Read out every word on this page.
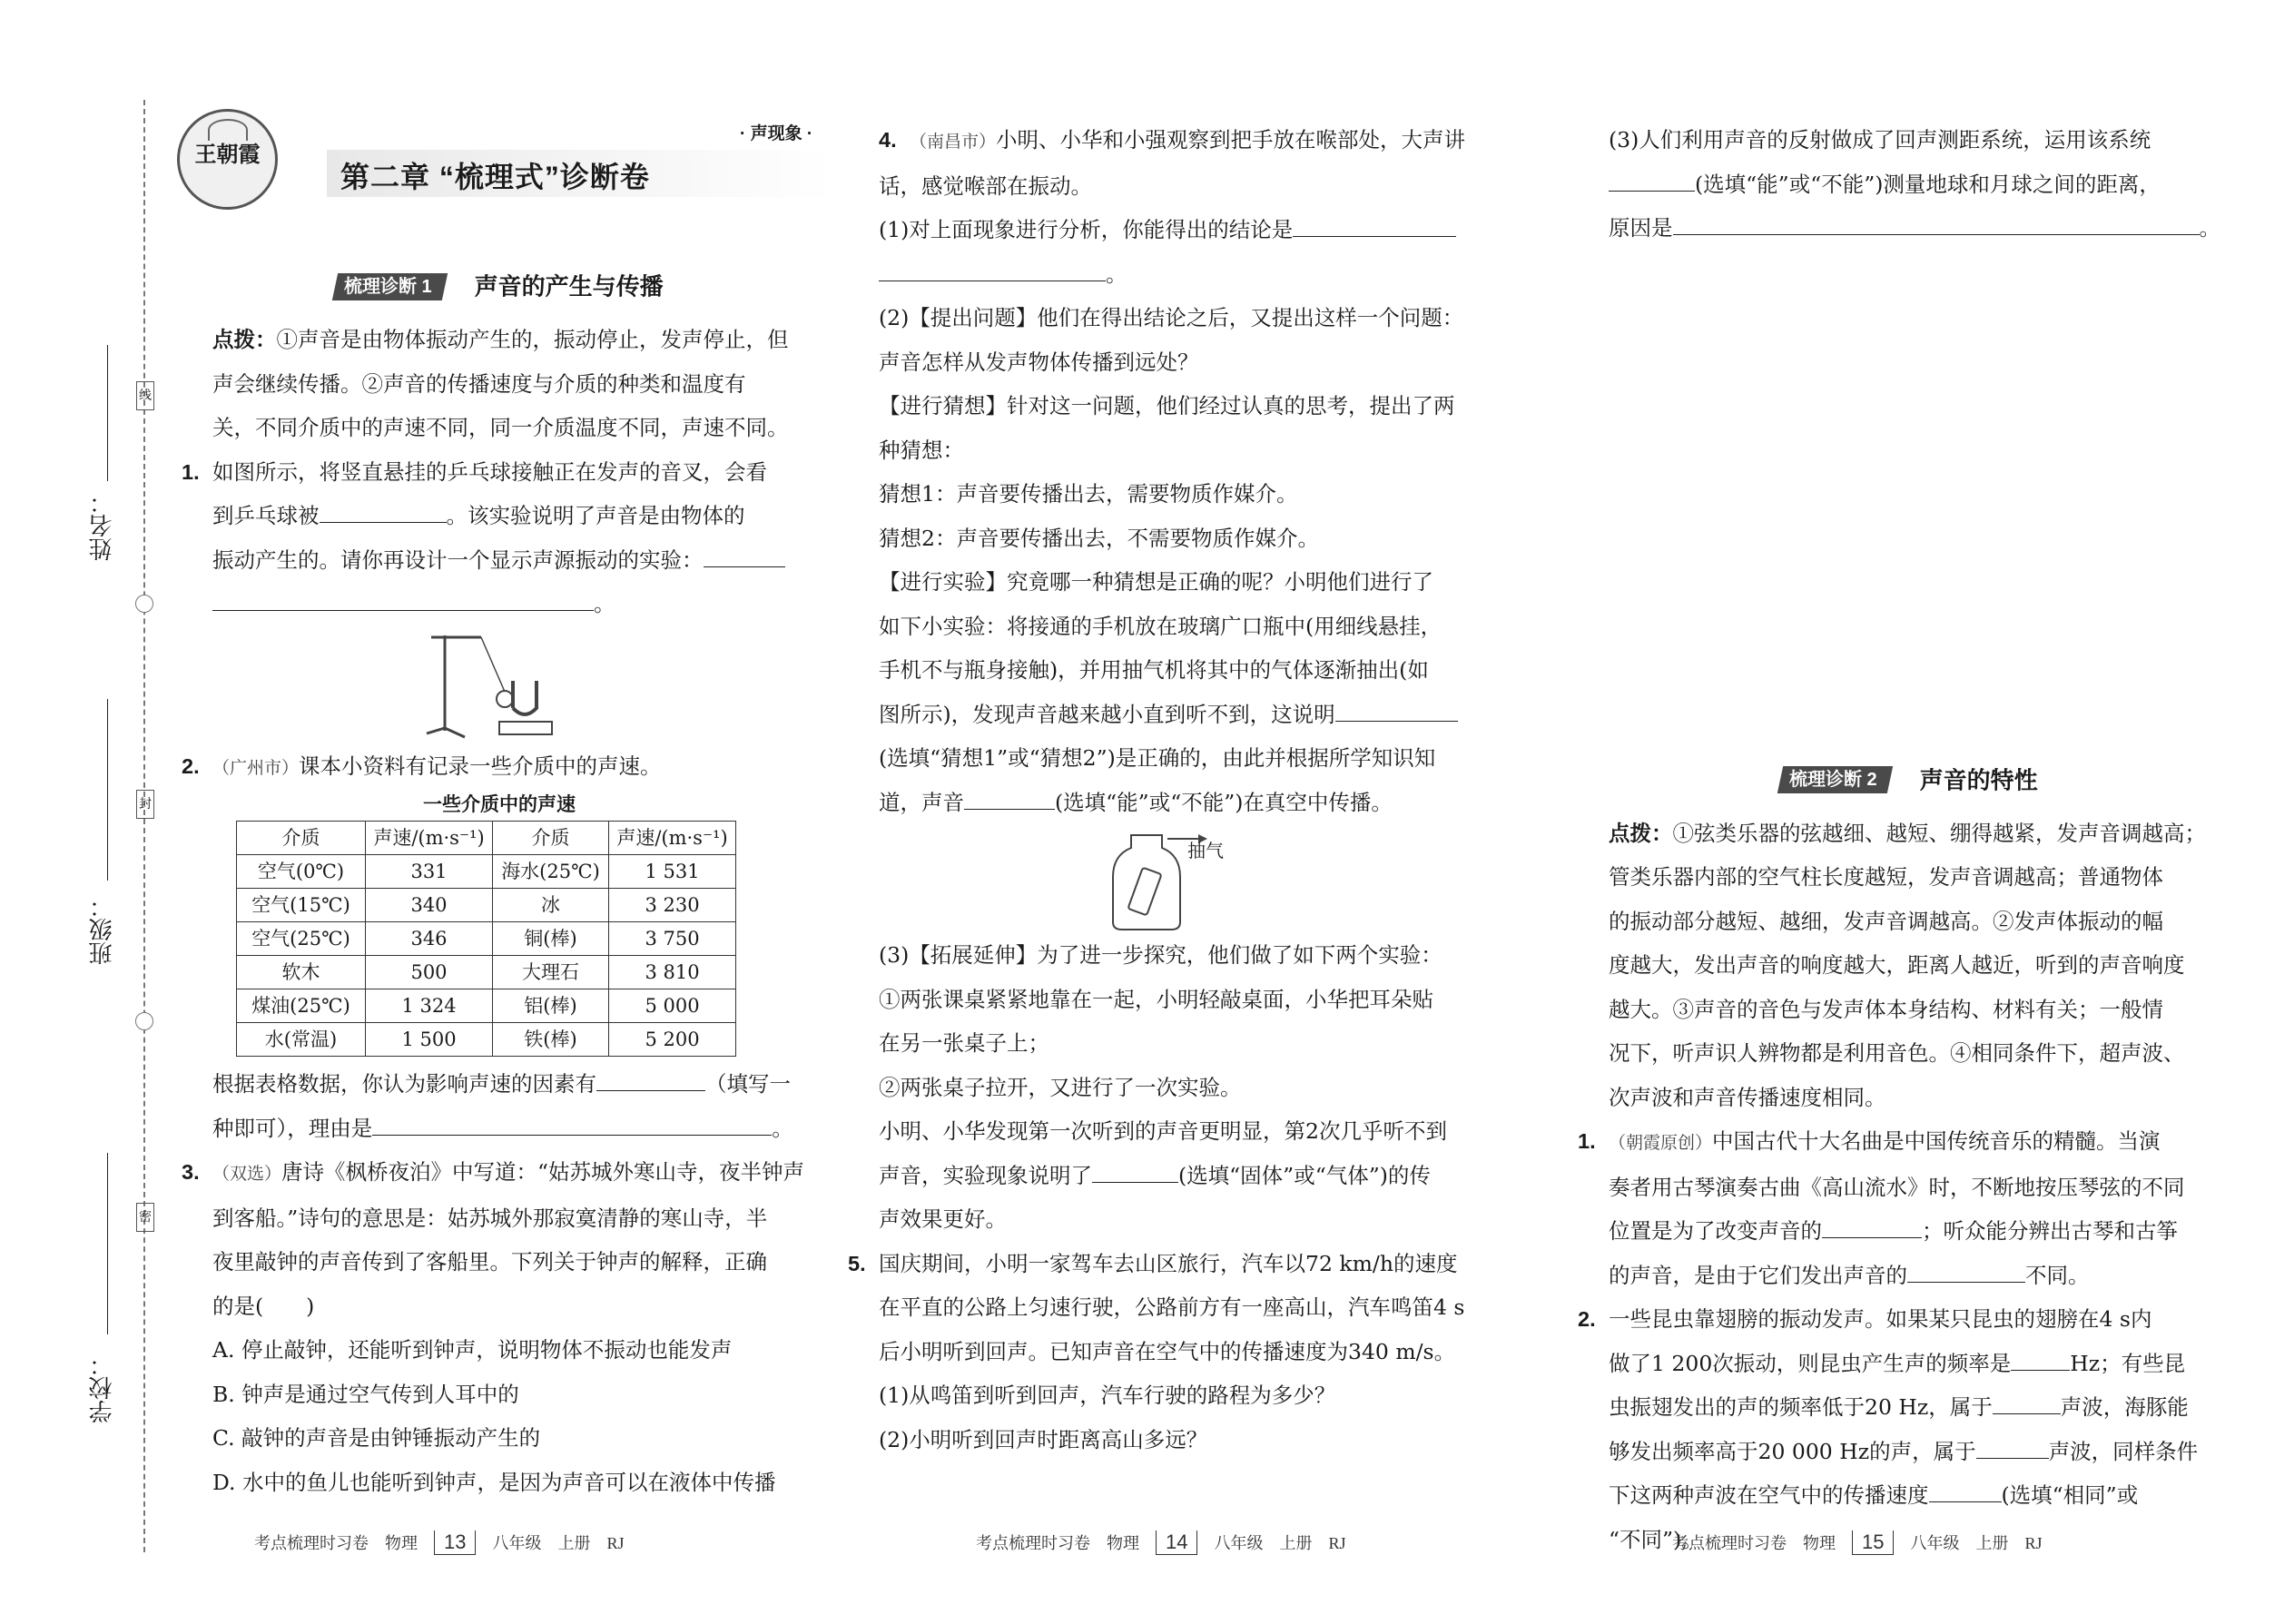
线
封
密
姓名：
班级：
学校：
王朝霞
· 声现象 ·
第二章 “梳理式”诊断卷
梳理诊断 1 声音的产生与传播

点拨：①声音是由物体振动产生的，振动停止，发声停止，但

声会继续传播。②声音的传播速度与介质的种类和温度有

关，不同介质中的声速不同，同一介质温度不同，声速不同。

1. 如图所示，将竖直悬挂的乒乓球接触正在发声的音叉，会看

到乒乓球被	。该实验说明了声音是由物体的

振动产生的。请你再设计一个显示声源振动的实验：

。

2. （广州市）课本小资料有记录一些介质中的声速。

一些介质中的声速
介质	声速/(m·s⁻¹)	介质	声速/(m·s⁻¹)
空气(0℃)	331	海水(25℃)	1 531
空气(15℃)	340	冰	3 230
空气(25℃)	346	铜(棒)	3 750
软木	500	大理石	3 810
煤油(25℃)	1 324	铝(棒)	5 000
水(常温)	1 500	铁(棒)	5 200

根据表格数据，你认为影响声速的因素有	（填写一

种即可），理由是	。

3. （双选）唐诗《枫桥夜泊》中写道：“姑苏城外寒山寺，夜半钟声

到客船。”诗句的意思是：姑苏城外那寂寞清静的寒山寺，半

夜里敲钟的声音传到了客船里。下列关于钟声的解释，正确

的是(　　)

A. 停止敲钟，还能听到钟声，说明物体不振动也能发声

B. 钟声是通过空气传到人耳中的

C. 敲钟的声音是由钟锤振动产生的

D. 水中的鱼儿也能听到钟声，是因为声音可以在液体中传播

4. （南昌市）小明、小华和小强观察到把手放在喉部处，大声讲

话，感觉喉部在振动。

(1)对上面现象进行分析，你能得出的结论是

。

(2)【提出问题】他们在得出结论之后，又提出这样一个问题：

声音怎样从发声物体传播到远处？

【进行猜想】针对这一问题，他们经过认真的思考，提出了两

种猜想：

猜想1：声音要传播出去，需要物质作媒介。

猜想2：声音要传播出去，不需要物质作媒介。

【进行实验】究竟哪一种猜想是正确的呢？小明他们进行了

如下小实验：将接通的手机放在玻璃广口瓶中(用细线悬挂，

手机不与瓶身接触)，并用抽气机将其中的气体逐渐抽出(如

图所示)，发现声音越来越小直到听不到，这说明

(选填“猜想1”或“猜想2”)是正确的，由此并根据所学知识知

道，声音	(选填“能”或“不能”)在真空中传播。

抽气

(3)【拓展延伸】为了进一步探究，他们做了如下两个实验：

①两张课桌紧紧地靠在一起，小明轻敲桌面，小华把耳朵贴

在另一张桌子上；

②两张桌子拉开，又进行了一次实验。

小明、小华发现第一次听到的声音更明显，第2次几乎听不到

声音，实验现象说明了	(选填“固体”或“气体”)的传

声效果更好。

5. 国庆期间，小明一家驾车去山区旅行，汽车以72 km/h的速度

在平直的公路上匀速行驶，公路前方有一座高山，汽车鸣笛4 s

后小明听到回声。已知声音在空气中的传播速度为340 m/s。

(1)从鸣笛到听到回声，汽车行驶的路程为多少？

(2)小明听到回声时距离高山多远？

(3)人们利用声音的反射做成了回声测距系统，运用该系统

(选填“能”或“不能”)测量地球和月球之间的距离，

原因是	。

梳理诊断 2 声音的特性

点拨：①弦类乐器的弦越细、越短、绷得越紧，发声音调越高；

管类乐器内部的空气柱长度越短，发声音调越高；普通物体

的振动部分越短、越细，发声音调越高。②发声体振动的幅

度越大，发出声音的响度越大，距离人越近，听到的声音响度

越大。③声音的音色与发声体本身结构、材料有关；一般情

况下，听声识人辨物都是利用音色。④相同条件下，超声波、

次声波和声音传播速度相同。

1. （朝霞原创）中国古代十大名曲是中国传统音乐的精髓。当演

奏者用古琴演奏古曲《高山流水》时，不断地按压琴弦的不同

位置是为了改变声音的	；听众能分辨出古琴和古筝

的声音，是由于它们发出声音的	不同。

2. 一些昆虫靠翅膀的振动发声。如果某只昆虫的翅膀在4 s内

做了1 200次振动，则昆虫产生声的频率是	Hz；有些昆

虫振翅发出的声的频率低于20 Hz，属于	声波，海豚能

够发出频率高于20 000 Hz的声，属于	声波，同样条件

下这两种声波在空气中的传播速度	(选填“相同”或

“不同”)。

考点梳理时习卷　物理 13 八年级　上册　RJ	考点梳理时习卷　物理 14 八年级　上册　RJ	考点梳理时习卷　物理 15 八年级　上册　RJ
